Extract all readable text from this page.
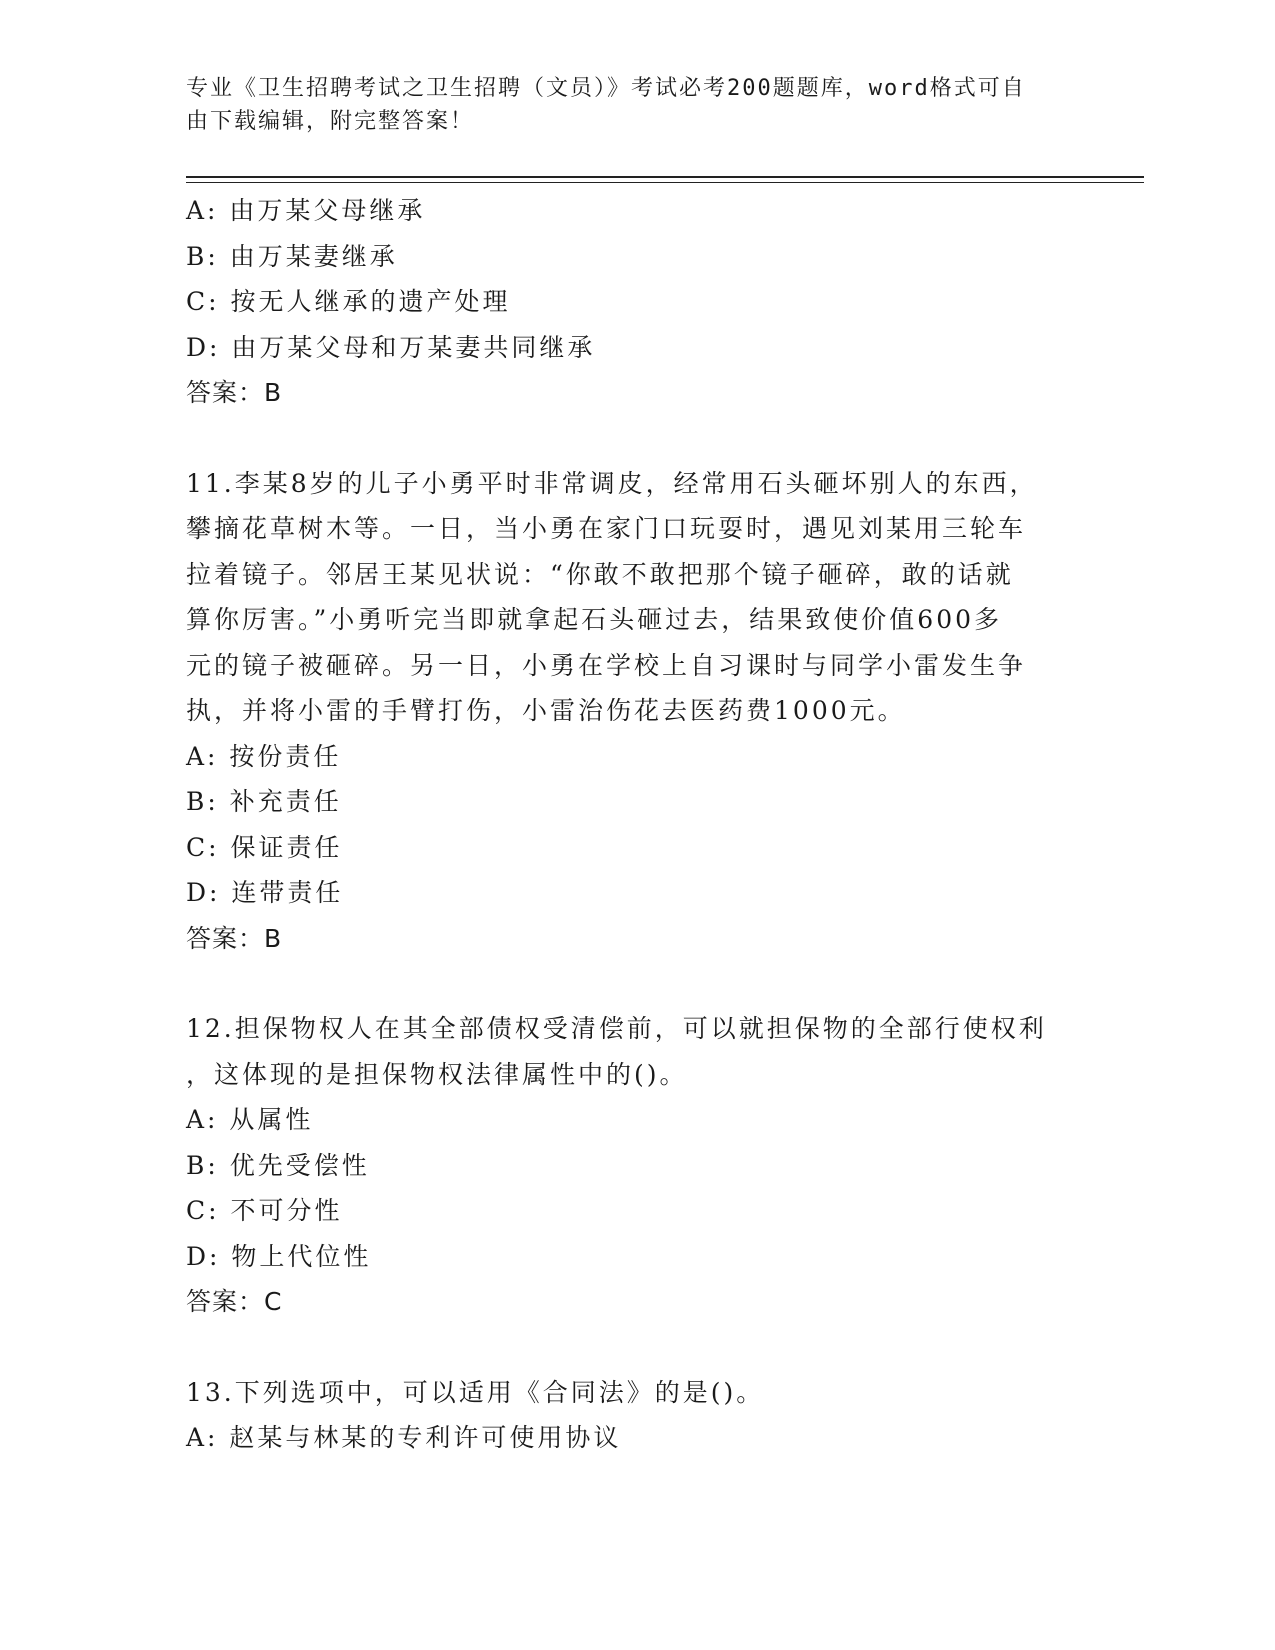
专业《卫生招聘考试之卫生招聘（文员）》考试必考200题题库，word格式可自
由下载编辑，附完整答案！
A: 由万某父母继承
B: 由万某妻继承
C: 按无人继承的遗产处理
D: 由万某父母和万某妻共同继承
答案：B
11.李某8岁的儿子小勇平时非常调皮，经常用石头砸坏别人的东西，
攀摘花草树木等。一日，当小勇在家门口玩耍时，遇见刘某用三轮车
拉着镜子。邻居王某见状说：“你敢不敢把那个镜子砸碎，敢的话就
算你厉害。”小勇听完当即就拿起石头砸过去，结果致使价值600多
元的镜子被砸碎。另一日，小勇在学校上自习课时与同学小雷发生争
执，并将小雷的手臂打伤，小雷治伤花去医药费1000元。
A: 按份责任
B: 补充责任
C: 保证责任
D: 连带责任
答案：B
12.担保物权人在其全部债权受清偿前，可以就担保物的全部行使权利
，这体现的是担保物权法律属性中的()。
A: 从属性
B: 优先受偿性
C: 不可分性
D: 物上代位性
答案：C
13.下列选项中，可以适用《合同法》的是()。
A: 赵某与林某的专利许可使用协议
